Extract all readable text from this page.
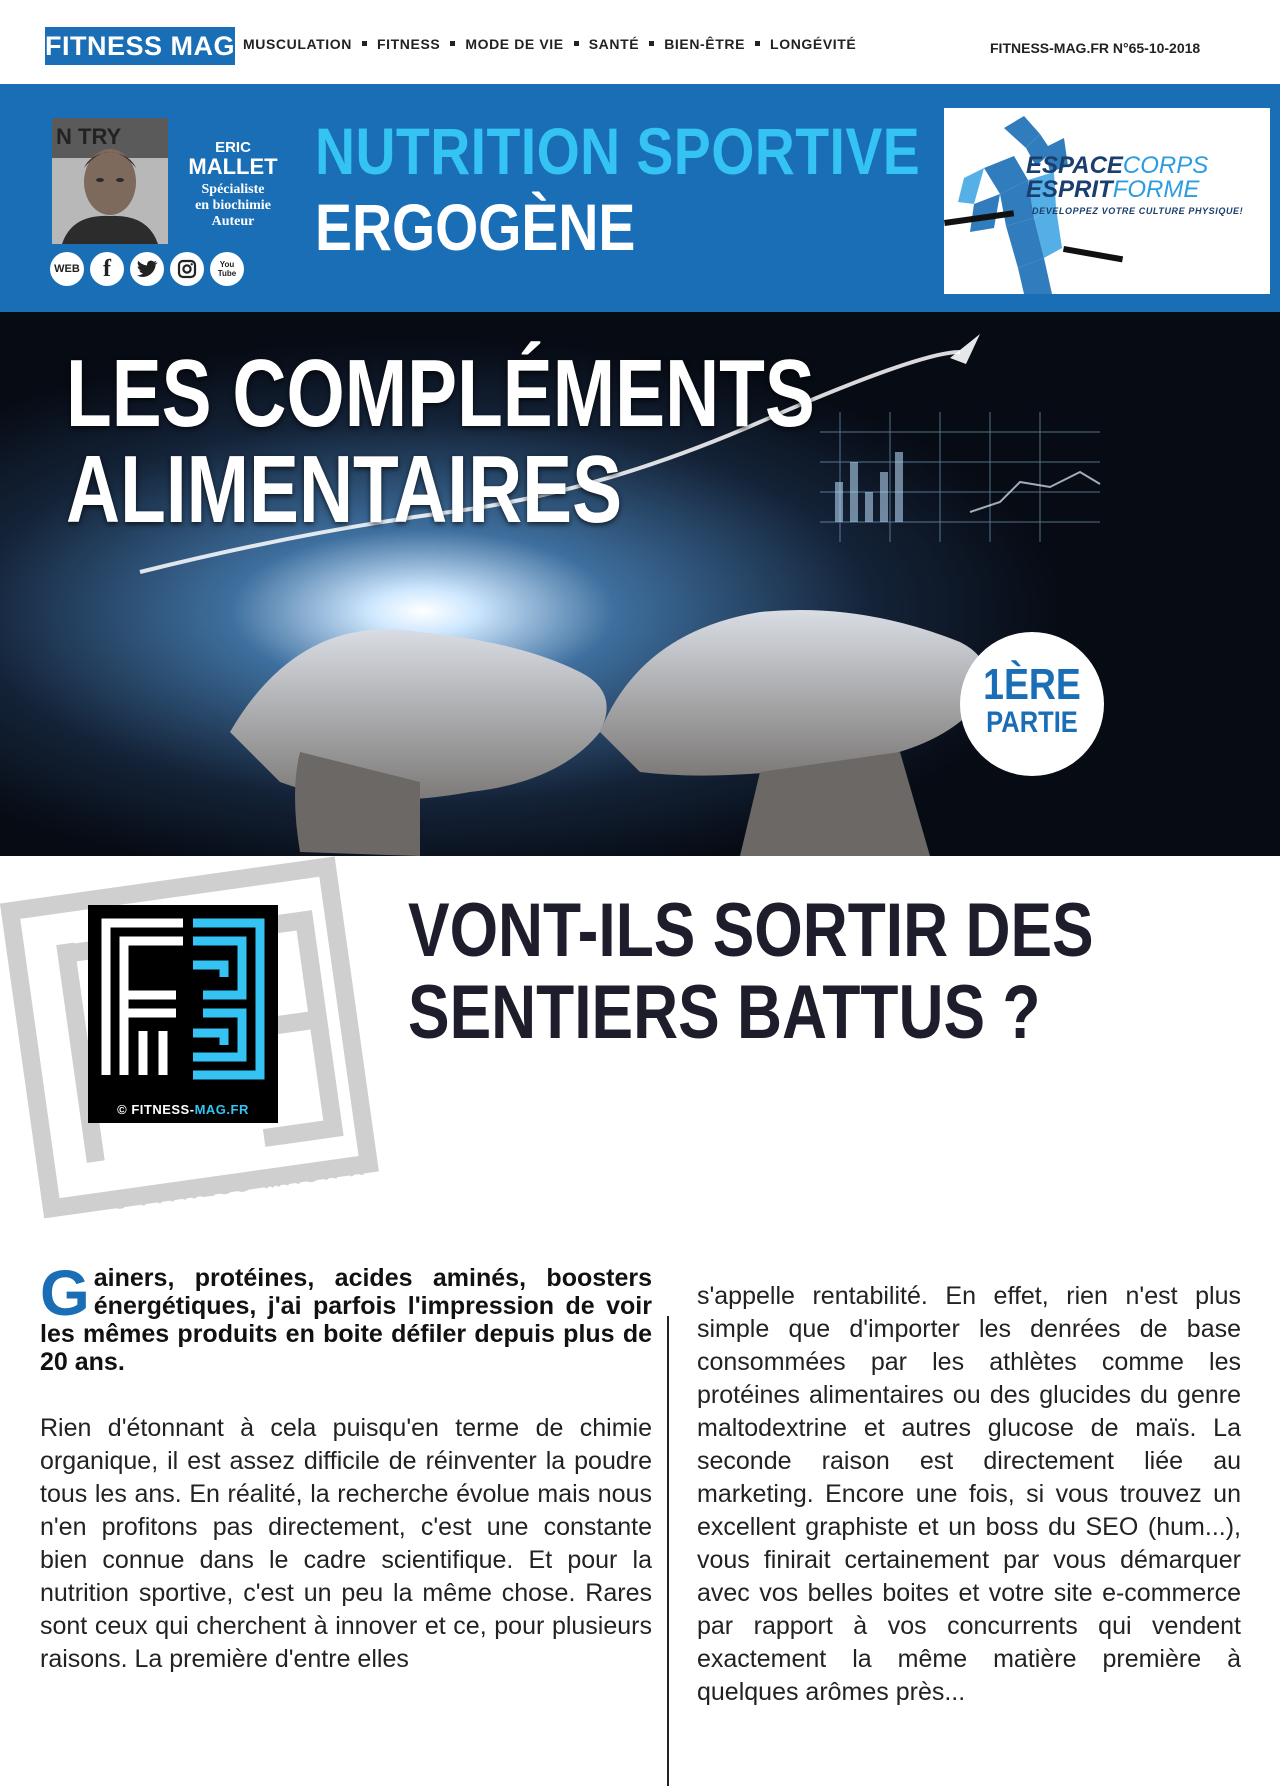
FITNESS MAG MUSCULATION FITNESS MODE DE VIE SANTÉ BIEN-ÊTRE LONGÉVITÉ	FITNESS-MAG.FR N°65-10-2018
N TRY	ERIC
MALLET
Spécialiste
en biochimie
Auteur
WEB f	You Tube
NUTRITION SPORTIVE
ERGOGÈNE
ESPACECORPS
ESPRITFORME
DEVELOPPEZ VOTRE CULTURE PHYSIQUE!
LES COMPLÉMENTS
ALIMENTAIRES
1ÈRE
PARTIE
© FITNESS-MAG.FR
© FITNESS-MAG.FR
VONT-ILS SORTIR DES
SENTIERS BATTUS ?
Gainers, protéines, acides aminés, boosters énergétiques, j'ai parfois l'impression de voir les mêmes produits en boite défiler depuis plus de 20 ans.
Rien d'étonnant à cela puisqu'en terme de chimie organique, il est assez difficile de réinventer la poudre tous les ans. En réalité, la recherche évolue mais nous n'en profitons pas directement, c'est une constante bien connue dans le cadre scientifique. Et pour la nutrition sportive, c'est un peu la même chose. Rares sont ceux qui cherchent à innover et ce, pour plusieurs raisons. La première d'entre elles
s'appelle rentabilité. En effet, rien n'est plus simple que d'importer les denrées de base consommées par les athlètes comme les protéines alimentaires ou des glucides du genre maltodextrine et autres glucose de maïs. La seconde raison est directement liée au marketing. Encore une fois, si vous trouvez un excellent graphiste et un boss du SEO (hum...), vous finirait certainement par vous démarquer avec vos belles boites et votre site e-commerce par rapport à vos concurrents qui vendent exactement la même matière première à quelques arômes près...
